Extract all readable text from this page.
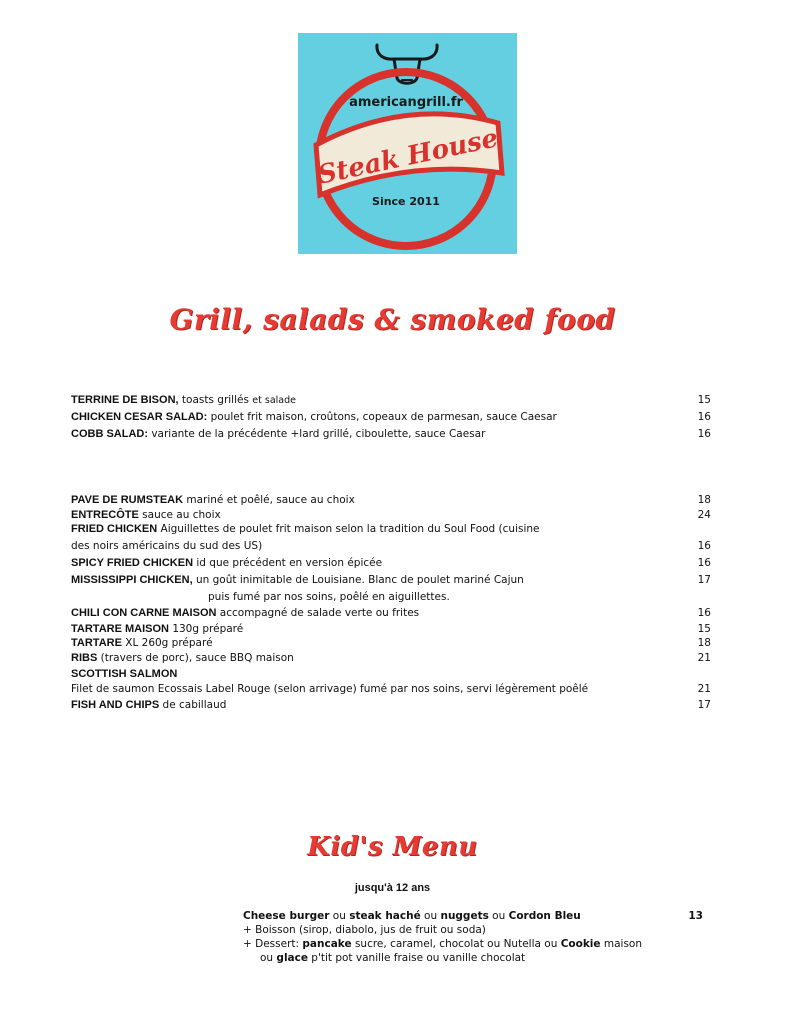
americangrill.fr
Steak House
Since 2011
Grill, salads & smoked food
TERRINE DE BISON, toasts grillés et salade	15
CHICKEN CESAR SALAD: poulet frit maison, croûtons, copeaux de parmesan, sauce Caesar	16
COBB SALAD: variante de la précédente +lard grillé, ciboulette, sauce Caesar	16
PAVE DE RUMSTEAK mariné et poêlé, sauce au choix	18
ENTRECÔTE sauce au choix	24
FRIED CHICKEN Aiguillettes de poulet frit maison selon la tradition du Soul Food (cuisine
des noirs américains du sud des US)	16
SPICY FRIED CHICKEN id que précédent en version épicée	16
MISSISSIPPI CHICKEN, un goût inimitable de Louisiane. Blanc de poulet mariné Cajun	17
puis fumé par nos soins, poêlé en aiguillettes.
CHILI CON CARNE MAISON accompagné de salade verte ou frites	16
TARTARE MAISON 130g préparé	15
TARTARE XL 260g préparé	18
RIBS (travers de porc), sauce BBQ maison	21
SCOTTISH SALMON
Filet de saumon Ecossais Label Rouge (selon arrivage) fumé par nos soins, servi légèrement poêlé	21
FISH AND CHIPS de cabillaud	17
Kid's Menu
jusqu'à 12 ans
Cheese burger ou steak haché ou nuggets ou Cordon Bleu	13
+ Boisson (sirop, diabolo, jus de fruit ou soda)
+ Dessert: pancake sucre, caramel, chocolat ou Nutella ou Cookie maison
ou glace p'tit pot vanille fraise ou vanille chocolat
